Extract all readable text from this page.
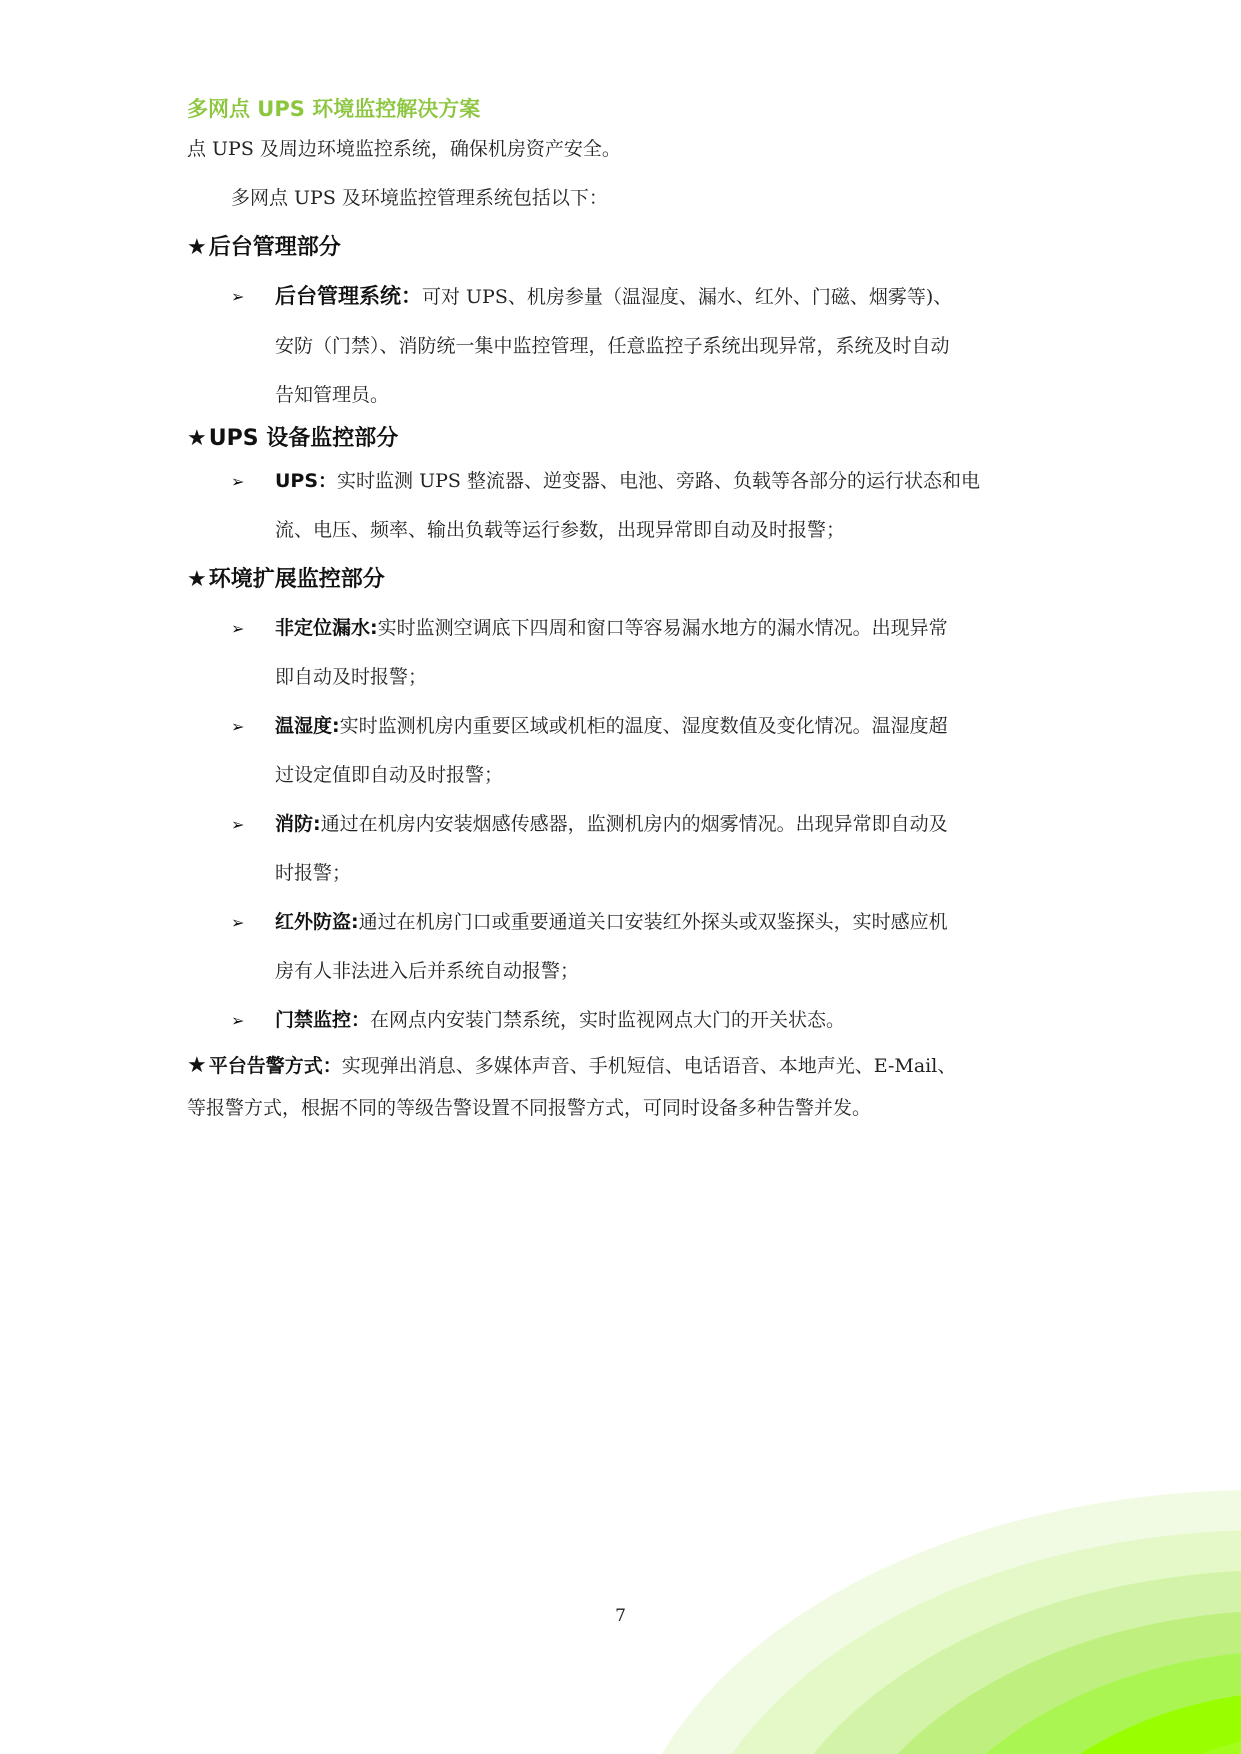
多网点 UPS 环境监控解决方案

点 UPS 及周边环境监控系统，确保机房资产安全。

多网点 UPS 及环境监控管理系统包括以下：

★后台管理部分
➢ 后台管理系统：可对 UPS、机房参量（温湿度、漏水、红外、门磁、烟雾等)、
安防（门禁）、消防统一集中监控管理，任意监控子系统出现异常，系统及时自动
告知管理员。
★UPS 设备监控部分
➢ UPS：实时监测 UPS 整流器、逆变器、电池、旁路、负载等各部分的运行状态和电
流、电压、频率、输出负载等运行参数，出现异常即自动及时报警；
★环境扩展监控部分
➢ 非定位漏水:实时监测空调底下四周和窗口等容易漏水地方的漏水情况。出现异常
即自动及时报警；
➢ 温湿度:实时监测机房内重要区域或机柜的温度、湿度数值及变化情况。温湿度超
过设定值即自动及时报警；
➢ 消防:通过在机房内安装烟感传感器，监测机房内的烟雾情况。出现异常即自动及
时报警；
➢ 红外防盗:通过在机房门口或重要通道关口安装红外探头或双鉴探头，实时感应机
房有人非法进入后并系统自动报警；
➢ 门禁监控：在网点内安装门禁系统，实时监视网点大门的开关状态。
★ 平台告警方式：实现弹出消息、多媒体声音、手机短信、电话语音、本地声光、E-Mail、
等报警方式，根据不同的等级告警设置不同报警方式，可同时设备多种告警并发。
7
